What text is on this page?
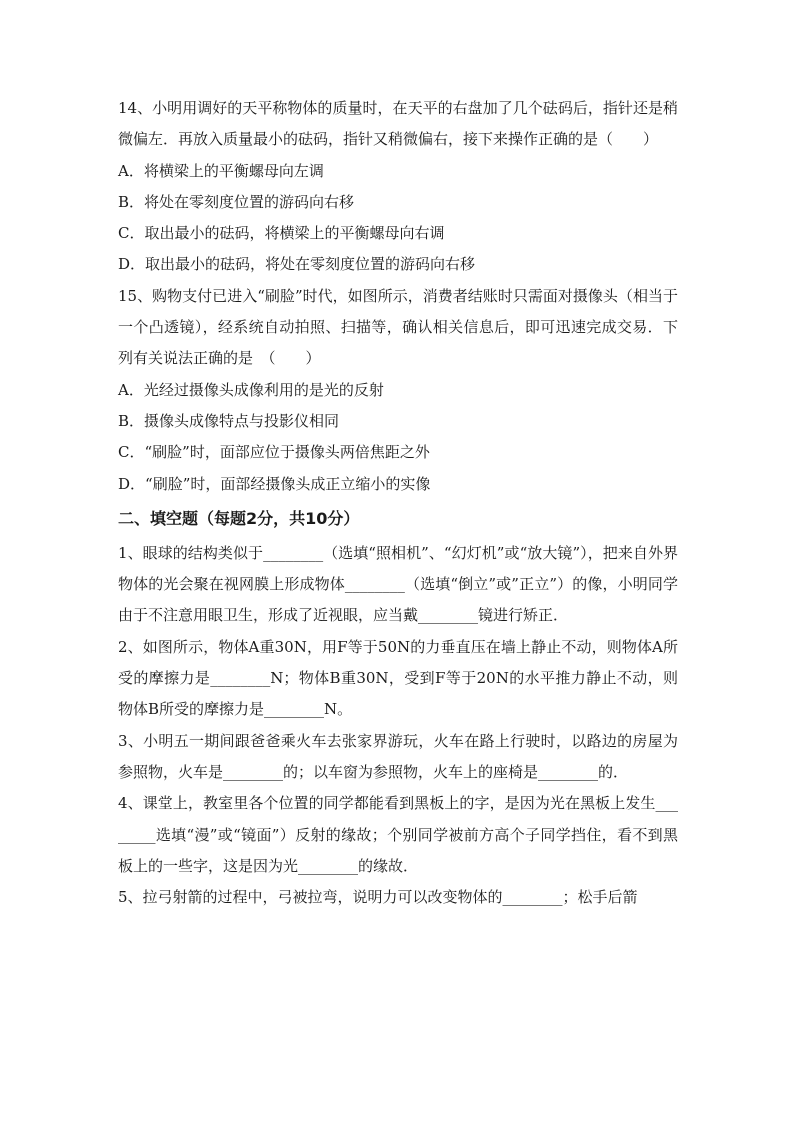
14、小明用调好的天平称物体的质量时，在天平的右盘加了几个砝码后，指针还是稍微偏左．再放入质量最小的砝码，指针又稍微偏右，接下来操作正确的是（　　）

A．将横梁上的平衡螺母向左调

B．将处在零刻度位置的游码向右移

C．取出最小的砝码，将横梁上的平衡螺母向右调

D．取出最小的砝码，将处在零刻度位置的游码向右移

15、购物支付已进入“刷脸”时代，如图所示，消费者结账时只需面对摄像头（相当于一个凸透镜），经系统自动拍照、扫描等，确认相关信息后，即可迅速完成交易．下列有关说法正确的是　（　　）

A．光经过摄像头成像利用的是光的反射

B．摄像头成像特点与投影仪相同

C．“刷脸”时，面部应位于摄像头两倍焦距之外

D．“刷脸”时，面部经摄像头成正立缩小的实像

二、填空题（每题2分，共10分）

1、眼球的结构类似于________（选填“照相机”、“幻灯机”或“放大镜”），把来自外界物体的光会聚在视网膜上形成物体________（选填“倒立”或”正立”）的像，小明同学由于不注意用眼卫生，形成了近视眼，应当戴________镜进行矫正．

2、如图所示，物体A重30N，用F等于50N的力垂直压在墙上静止不动，则物体A所受的摩擦力是________N；物体B重30N，受到F等于20N的水平推力静止不动，则物体B所受的摩擦力是________N。

3、小明五一期间跟爸爸乘火车去张家界游玩，火车在路上行驶时，以路边的房屋为参照物，火车是________的；以车窗为参照物，火车上的座椅是________的．

4、课堂上，教室里各个位置的同学都能看到黑板上的字，是因为光在黑板上发生________选填“漫”或“镜面”）反射的缘故；个别同学被前方高个子同学挡住，看不到黑板上的一些字，这是因为光________的缘故．

5、拉弓射箭的过程中，弓被拉弯，说明力可以改变物体的________；松手后箭
